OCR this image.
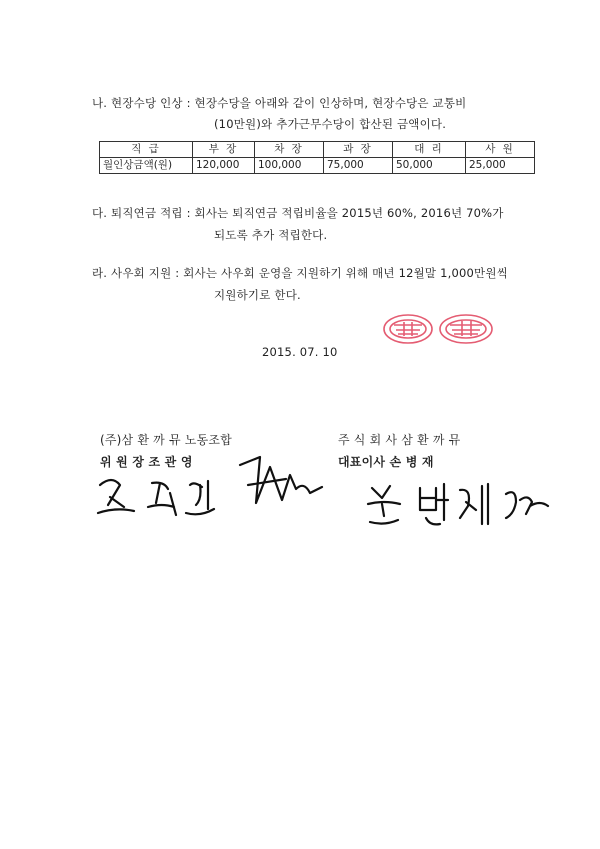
나. 현장수당 인상 : 현장수당을 아래와 같이 인상하며, 현장수당은 교통비
(10만원)와 추가근무수당이 합산된 금액이다.
직 급	부 장	차 장	과 장	대 리	사 원
월인상금액(원)	120,000	100,000	75,000	50,000	25,000
다. 퇴직연금 적립 : 회사는 퇴직연금 적립비율을 2015년 60%, 2016년 70%가
되도록 추가 적립한다.
라. 사우회 지원 : 회사는 사우회 운영을 지원하기 위해 매년 12월말 1,000만원씩
지원하기로 한다.
2015. 07. 10
(주)삼 환 까 뮤 노동조합
위 원 장 조 관 영
주 식 회 사 삼 환 까 뮤
대표이사 손 병 재
